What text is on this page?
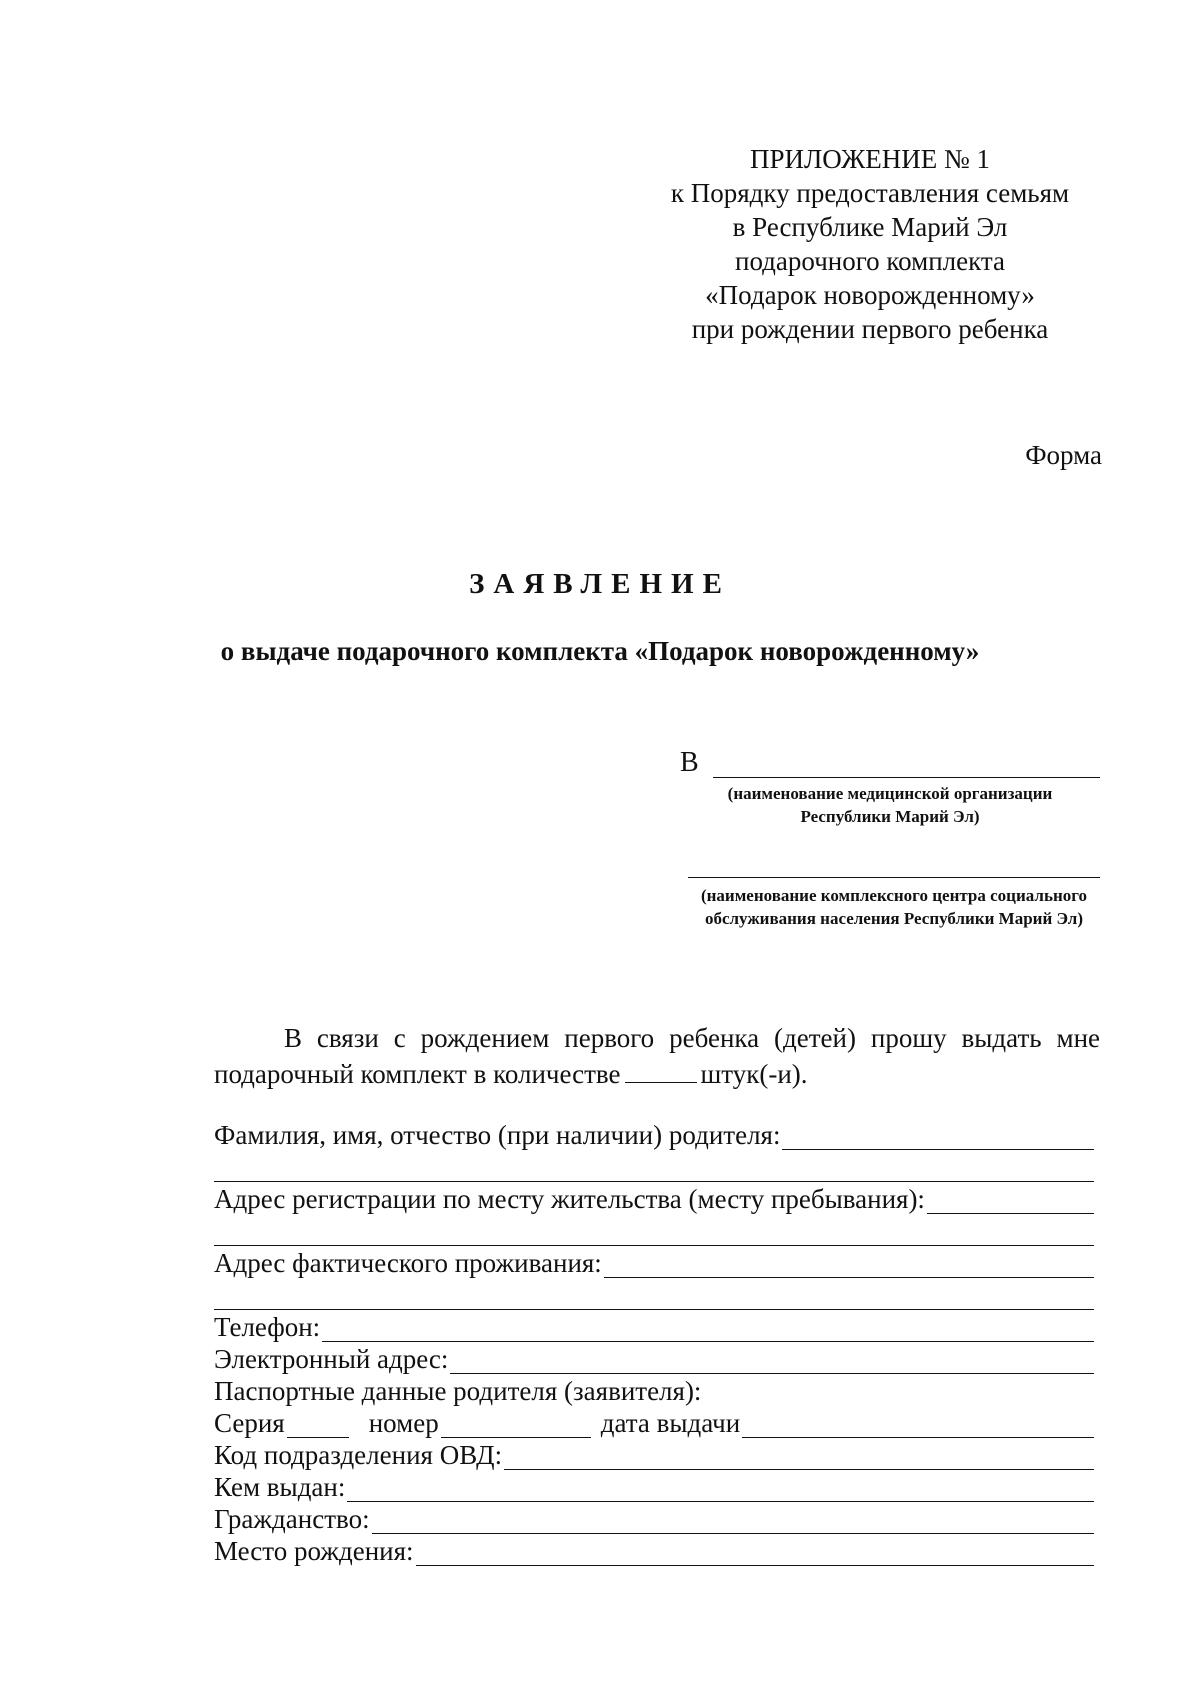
ПРИЛОЖЕНИЕ № 1
к Порядку предоставления семьям
в Республике Марий Эл
подарочного комплекта
«Подарок новорожденному»
при рождении первого ребенка
Форма
ЗАЯВЛЕНИЕ
о выдаче подарочного комплекта «Подарок новорожденному»
В
(наименование медицинской организации
Республики Марий Эл)
(наименование комплексного центра социального
обслуживания населения Республики Марий Эл)
В связи с рождением первого ребенка (детей) прошу выдать мне подарочный комплект в количестве	штук(-и).
Фамилия, имя, отчество (при наличии) родителя:
Адрес регистрации по месту жительства (месту пребывания):
Адрес фактического проживания:
Телефон:
Электронный адрес:
Паспортные данные родителя (заявителя):
Серия	номер	дата выдачи
Код подразделения ОВД:
Кем выдан:
Гражданство:
Место рождения:
